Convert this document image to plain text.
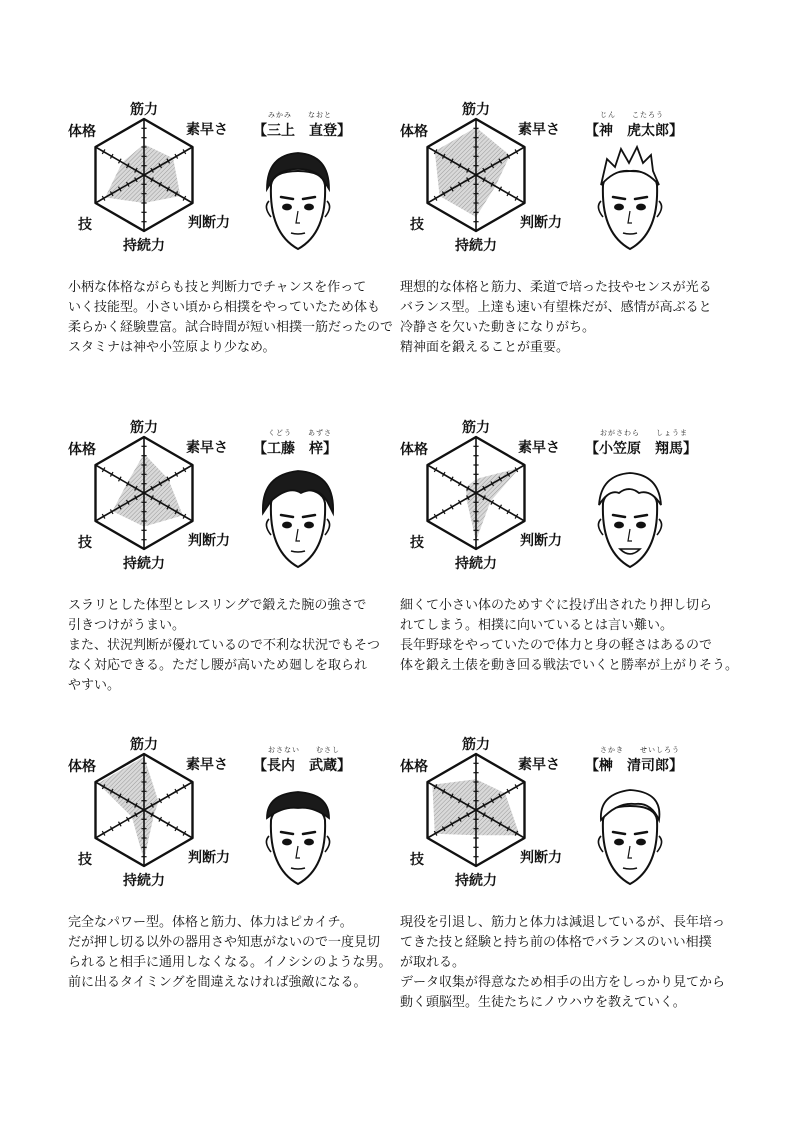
筋力
素早さ
判断力
持続力
技
体格
みかみ　　なおと
【三上　直登】
小柄な体格ながらも技と判断力でチャンスを作って
いく技能型。小さい頃から相撲をやっていたため体も
柔らかく経験豊富。試合時間が短い相撲一筋だったので
スタミナは神や小笠原より少なめ。
筋力
素早さ
判断力
持続力
技
体格
じん　　こたろう
【神　虎太郎】
理想的な体格と筋力、柔道で培った技やセンスが光る
バランス型。上達も速い有望株だが、感情が高ぶると
冷静さを欠いた動きになりがち。
精神面を鍛えることが重要。
筋力
素早さ
判断力
持続力
技
体格
くどう　　あずさ
【工藤　梓】
スラリとした体型とレスリングで鍛えた腕の強さで
引きつけがうまい。
また、状況判断が優れているので不利な状況でもそつ
なく対応できる。ただし腰が高いため廻しを取られ
やすい。
筋力
素早さ
判断力
持続力
技
体格
おがさわら　　しょうま
【小笠原　翔馬】
細くて小さい体のためすぐに投げ出されたり押し切ら
れてしまう。相撲に向いているとは言い難い。
長年野球をやっていたので体力と身の軽さはあるので
体を鍛え土俵を動き回る戦法でいくと勝率が上がりそう。
筋力
素早さ
判断力
持続力
技
体格
おさない　　むさし
【長内　武蔵】
完全なパワー型。体格と筋力、体力はピカイチ。
だが押し切る以外の器用さや知恵がないので一度見切
られると相手に通用しなくなる。イノシシのような男。
前に出るタイミングを間違えなければ強敵になる。
筋力
素早さ
判断力
持続力
技
体格
さかき　　せいしろう
【榊　清司郎】
現役を引退し、筋力と体力は減退しているが、長年培っ
てきた技と経験と持ち前の体格でバランスのいい相撲
が取れる。
データ収集が得意なため相手の出方をしっかり見てから
動く頭脳型。生徒たちにノウハウを教えていく。
